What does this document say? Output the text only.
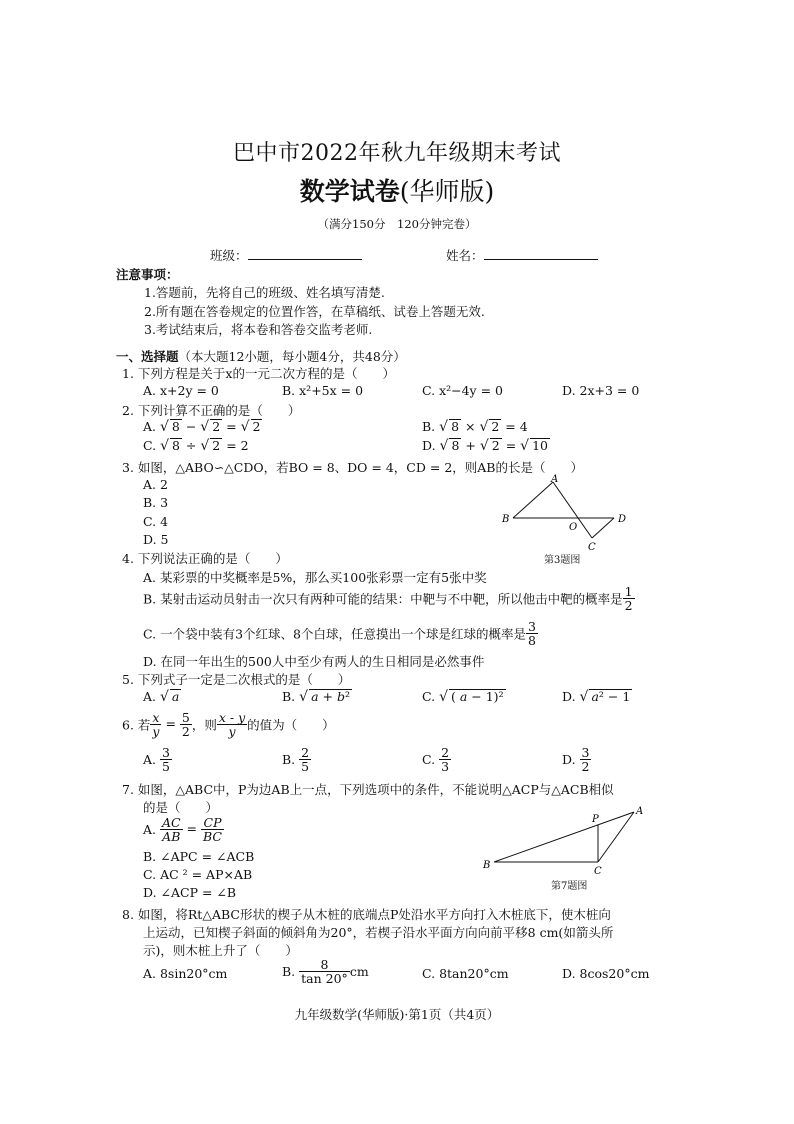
巴中市2022年秋九年级期末考试
数学试卷(华师版)
（满分150分　120分钟完卷）
班级：	姓名：
注意事项：
1.答题前，先将自己的班级、姓名填写清楚.
2.所有题在答卷规定的位置作答，在草稿纸、试卷上答题无效.
3.考试结束后，将本卷和答卷交监考老师.
一、选择题（本大题12小题，每小题4分，共48分）
1. 下列方程是关于x的一元二次方程的是（　　）
A. x+2y = 0	B. x²+5x = 0	C. x²−4y = 0	D. 2x+3 = 0
2. 下列计算不正确的是（　　）
A. √ 8 − √ 2 = √ 2	B. √ 8 × √ 2 = 4
C. √ 8 ÷ √ 2 = 2	D. √ 8 + √ 2 = √ 10
3. 如图，△ABO∽△CDO，若BO = 8、DO = 4，CD = 2，则AB的长是（　　）
A. 2
B. 3
C. 4
D. 5
A
B
O
D
C
第3题图
4. 下列说法正确的是（　　）
A. 某彩票的中奖概率是5%，那么买100张彩票一定有5张中奖
B. 某射击运动员射击一次只有两种可能的结果：中靶与不中靶，所以他击中靶的概率是 $\frac{1}{2}$
C. 一个袋中装有3个红球、8个白球，任意摸出一个球是红球的概率是 $\frac{3}{8}$
D. 在同一年出生的500人中至少有两人的生日相同是必然事件
5. 下列式子一定是二次根式的是（　　）
A. √ a	B. √ a + b²	C. √ ( a − 1)²	D. √ a² − 1
6. 若 $\frac{x}{y} = \frac{5}{2}$ ，则 $\frac{x - y}{y}$ 的值为（　　）
A. $\frac{3}{5}$	B. $\frac{2}{5}$	C. $\frac{2}{3}$	D. $\frac{3}{2}$
7. 如图，△ABC中，P为边AB上一点，下列选项中的条件，不能说明△ACP与△ACB相似
的是（　　）
A. $\frac{AC}{AB} = \frac{CP}{BC}$
B. ∠APC = ∠ACB
C. AC ² = AP×AB
D. ∠ACP = ∠B
A
P
B
C
第7题图
8. 如图，将Rt△ABC形状的楔子从木桩的底端点P处沿水平方向打入木桩底下，使木桩向
上运动，已知楔子斜面的倾斜角为20°，若楔子沿水平面方向向前平移8 cm(如箭头所
示)，则木桩上升了（　　）
A. 8sin20°cm	B. $\frac{8}{\tan 20^\circ}$ cm	C. 8tan20°cm	D. 8cos20°cm
九年级数学(华师版)·第1页（共4页）
